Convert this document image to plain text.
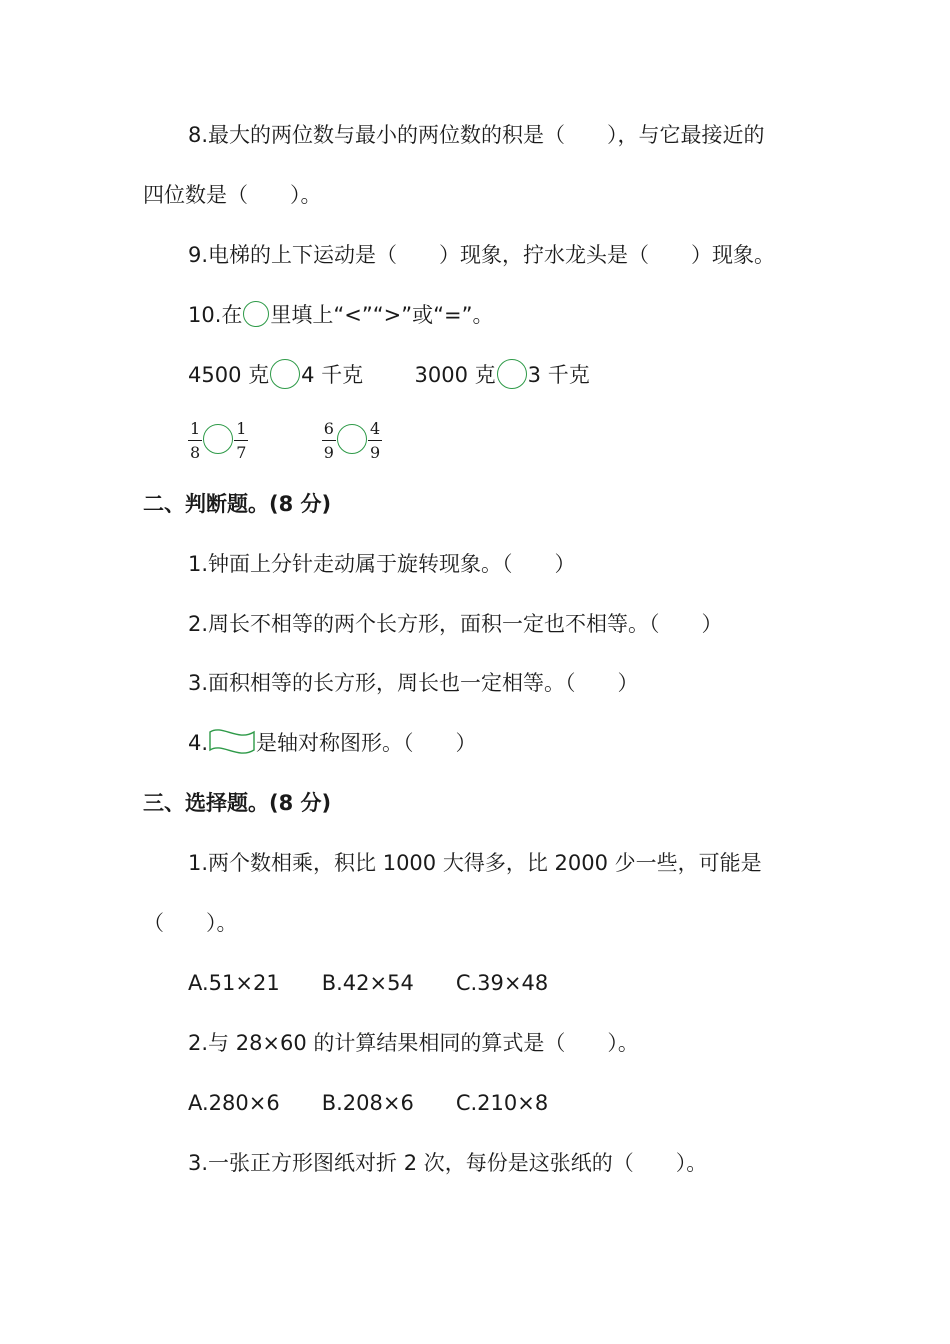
8.最大的两位数与最小的两位数的积是（　　），与它最接近的
四位数是（　　）。
9.电梯的上下运动是（　　）现象，拧水龙头是（　　）现象。
10.在 里填上“<”“>”或“=”。
4500 克 4 千克 3000 克 3 千克
$\frac{1}{8} \frac{1}{7}$
	$\frac{6}{9} \frac{4}{9}$
二、判断题。(8 分)
1.钟面上分针走动属于旋转现象。（　　）
2.周长不相等的两个长方形，面积一定也不相等。（　　）
3.面积相等的长方形，周长也一定相等。（　　）
4. 是轴对称图形。（　　）
三、选择题。(8 分)
1.两个数相乘，积比 1000 大得多，比 2000 少一些，可能是
（　　）。
A.51×21 B.42×54 C.39×48
2.与 28×60 的计算结果相同的算式是（　　）。
A.280×6 B.208×6 C.210×8
3.一张正方形图纸对折 2 次，每份是这张纸的（　　）。
